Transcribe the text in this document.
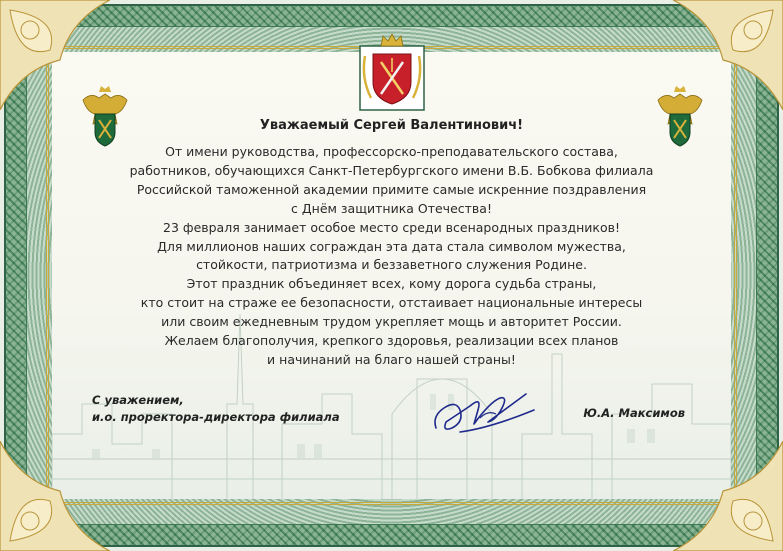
Уважаемый Сергей Валентинович!
От имени руководства, профессорско-преподавательского состава,
работников, обучающихся Санкт-Петербургского имени В.Б. Бобкова филиала
Российской таможенной академии примите самые искренние поздравления
с Днём защитника Отечества!
23 февраля занимает особое место среди всенародных праздников!
Для миллионов наших сограждан эта дата стала символом мужества,
стойкости, патриотизма и беззаветного служения Родине.
Этот праздник объединяет всех, кому дорога судьба страны,
кто стоит на страже ее безопасности, отстаивает национальные интересы
или своим ежедневным трудом укрепляет мощь и авторитет России.
Желаем благополучия, крепкого здоровья, реализации всех планов
и начинаний на благо нашей страны!
С уважением,
и.о. проректора-директора филиала	Ю.А. Максимов
